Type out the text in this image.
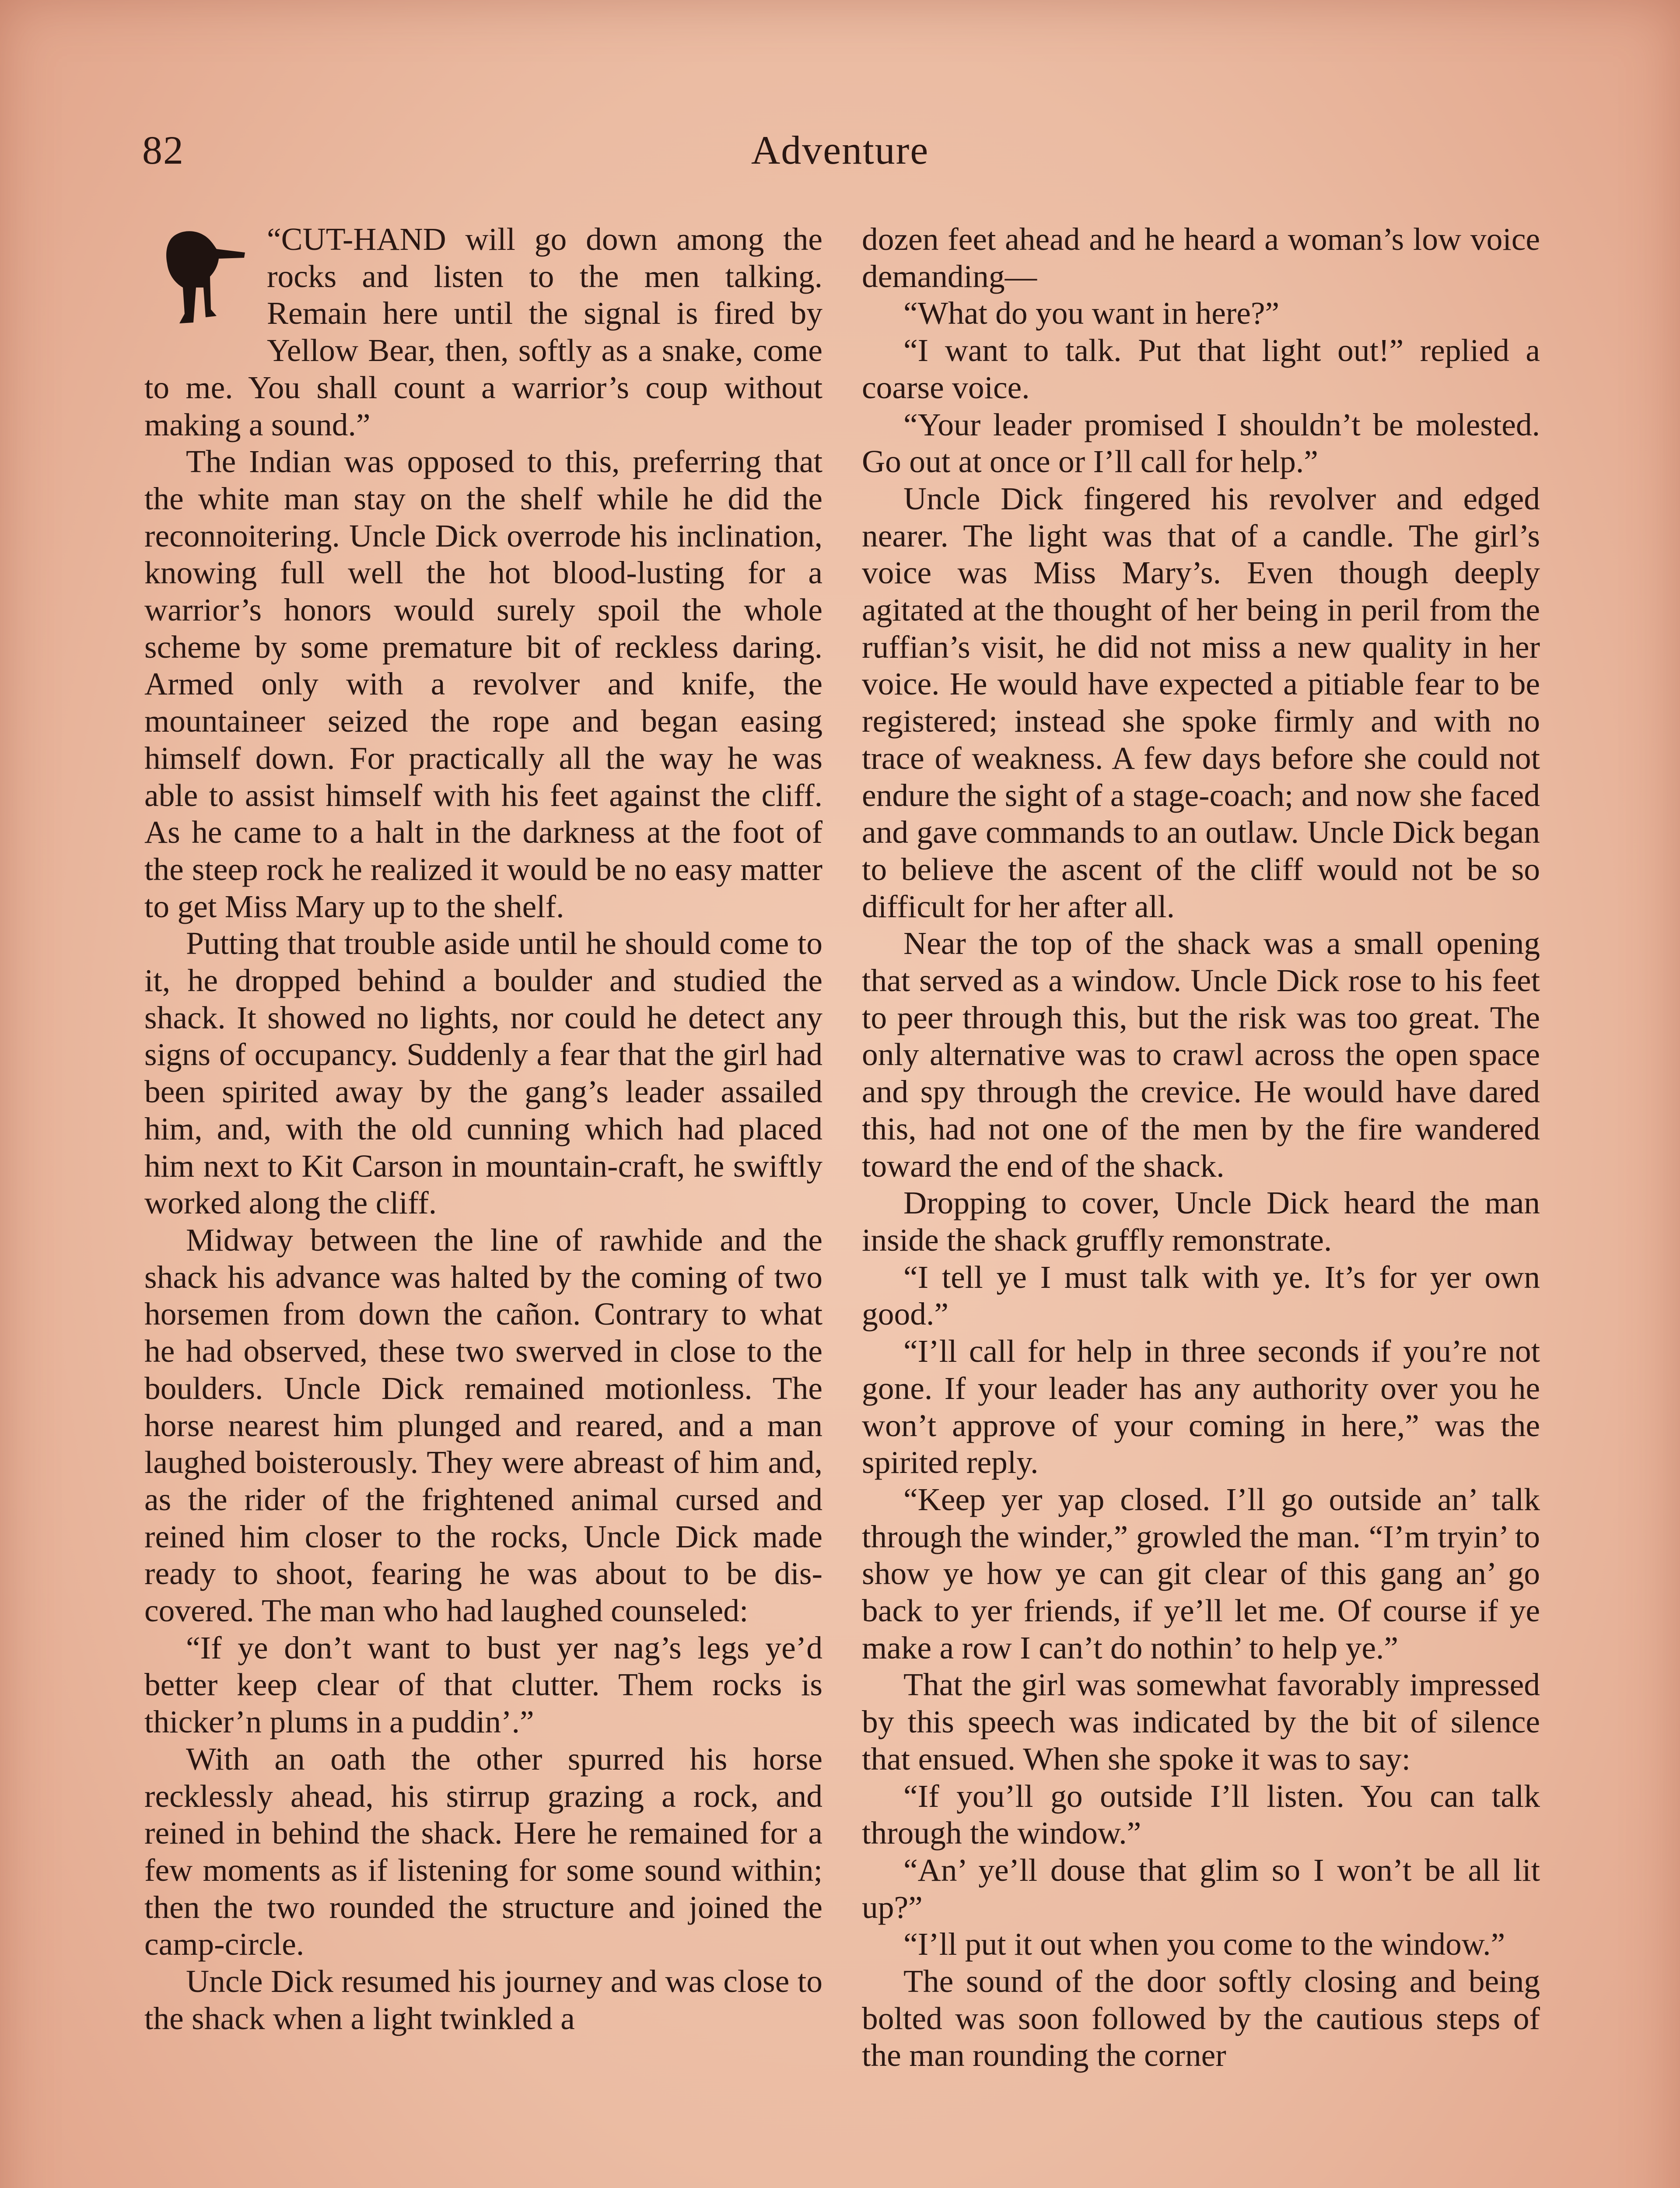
82	Adventure

“CUT-HAND will go down among the rocks and listen to the men talking. Remain here until the signal is fired by Yellow Bear, then, softly as a snake, come to me. You shall count a warrior’s coup without making a sound.”

The Indian was opposed to this, preferring that the white man stay on the shelf while he did the reconnoitering. Uncle Dick overrode his inclination, knowing full well the hot blood-lusting for a warrior’s honors would surely spoil the whole scheme by some premature bit of reckless daring. Armed only with a revolver and knife, the mountaineer seized the rope and began easing himself down. For practically all the way he was able to assist himself with his feet against the cliff. As he came to a halt in the darkness at the foot of the steep rock he realized it would be no easy matter to get Miss Mary up to the shelf.

Putting that trouble aside until he should come to it, he dropped behind a boulder and studied the shack. It showed no lights, nor could he detect any signs of occupancy. Suddenly a fear that the girl had been spirited away by the gang’s leader assailed him, and, with the old cunning which had placed him next to Kit Carson in mountain-craft, he swiftly worked along the cliff.

Midway between the line of rawhide and the shack his advance was halted by the coming of two horsemen from down the cañon. Contrary to what he had observed, these two swerved in close to the boulders. Uncle Dick remained motionless. The horse nearest him plunged and reared, and a man laughed boisterously. They were abreast of him and, as the rider of the frightened animal cursed and reined him closer to the rocks, Uncle Dick made ready to shoot, fearing he was about to be discovered. The man who had laughed counseled:

“If ye don’t want to bust yer nag’s legs ye’d better keep clear of that clutter. Them rocks is thicker’n plums in a puddin’.”

With an oath the other spurred his horse recklessly ahead, his stirrup grazing a rock, and reined in behind the shack. Here he remained for a few moments as if listening for some sound within; then the two rounded the structure and joined the camp-circle.

Uncle Dick resumed his journey and was close to the shack when a light twinkled a

dozen feet ahead and he heard a woman’s low voice demanding—

“What do you want in here?”

“I want to talk. Put that light out!” replied a coarse voice.

“Your leader promised I shouldn’t be molested. Go out at once or I’ll call for help.”

Uncle Dick fingered his revolver and edged nearer. The light was that of a candle. The girl’s voice was Miss Mary’s. Even though deeply agitated at the thought of her being in peril from the ruffian’s visit, he did not miss a new quality in her voice. He would have expected a pitiable fear to be registered; instead she spoke firmly and with no trace of weakness. A few days before she could not endure the sight of a stage-coach; and now she faced and gave commands to an outlaw. Uncle Dick began to believe the ascent of the cliff would not be so difficult for her after all.

Near the top of the shack was a small opening that served as a window. Uncle Dick rose to his feet to peer through this, but the risk was too great. The only alternative was to crawl across the open space and spy through the crevice. He would have dared this, had not one of the men by the fire wandered toward the end of the shack.

Dropping to cover, Uncle Dick heard the man inside the shack gruffly remonstrate.

“I tell ye I must talk with ye. It’s for yer own good.”

“I’ll call for help in three seconds if you’re not gone. If your leader has any authority over you he won’t approve of your coming in here,” was the spirited reply.

“Keep yer yap closed. I’ll go outside an’ talk through the winder,” growled the man. “I’m tryin’ to show ye how ye can git clear of this gang an’ go back to yer friends, if ye’ll let me. Of course if ye make a row I can’t do nothin’ to help ye.”

That the girl was somewhat favorably impressed by this speech was indicated by the bit of silence that ensued. When she spoke it was to say:

“If you’ll go outside I’ll listen. You can talk through the window.”

“An’ ye’ll douse that glim so I won’t be all lit up?”

“I’ll put it out when you come to the window.”

The sound of the door softly closing and being bolted was soon followed by the cautious steps of the man rounding the corner
